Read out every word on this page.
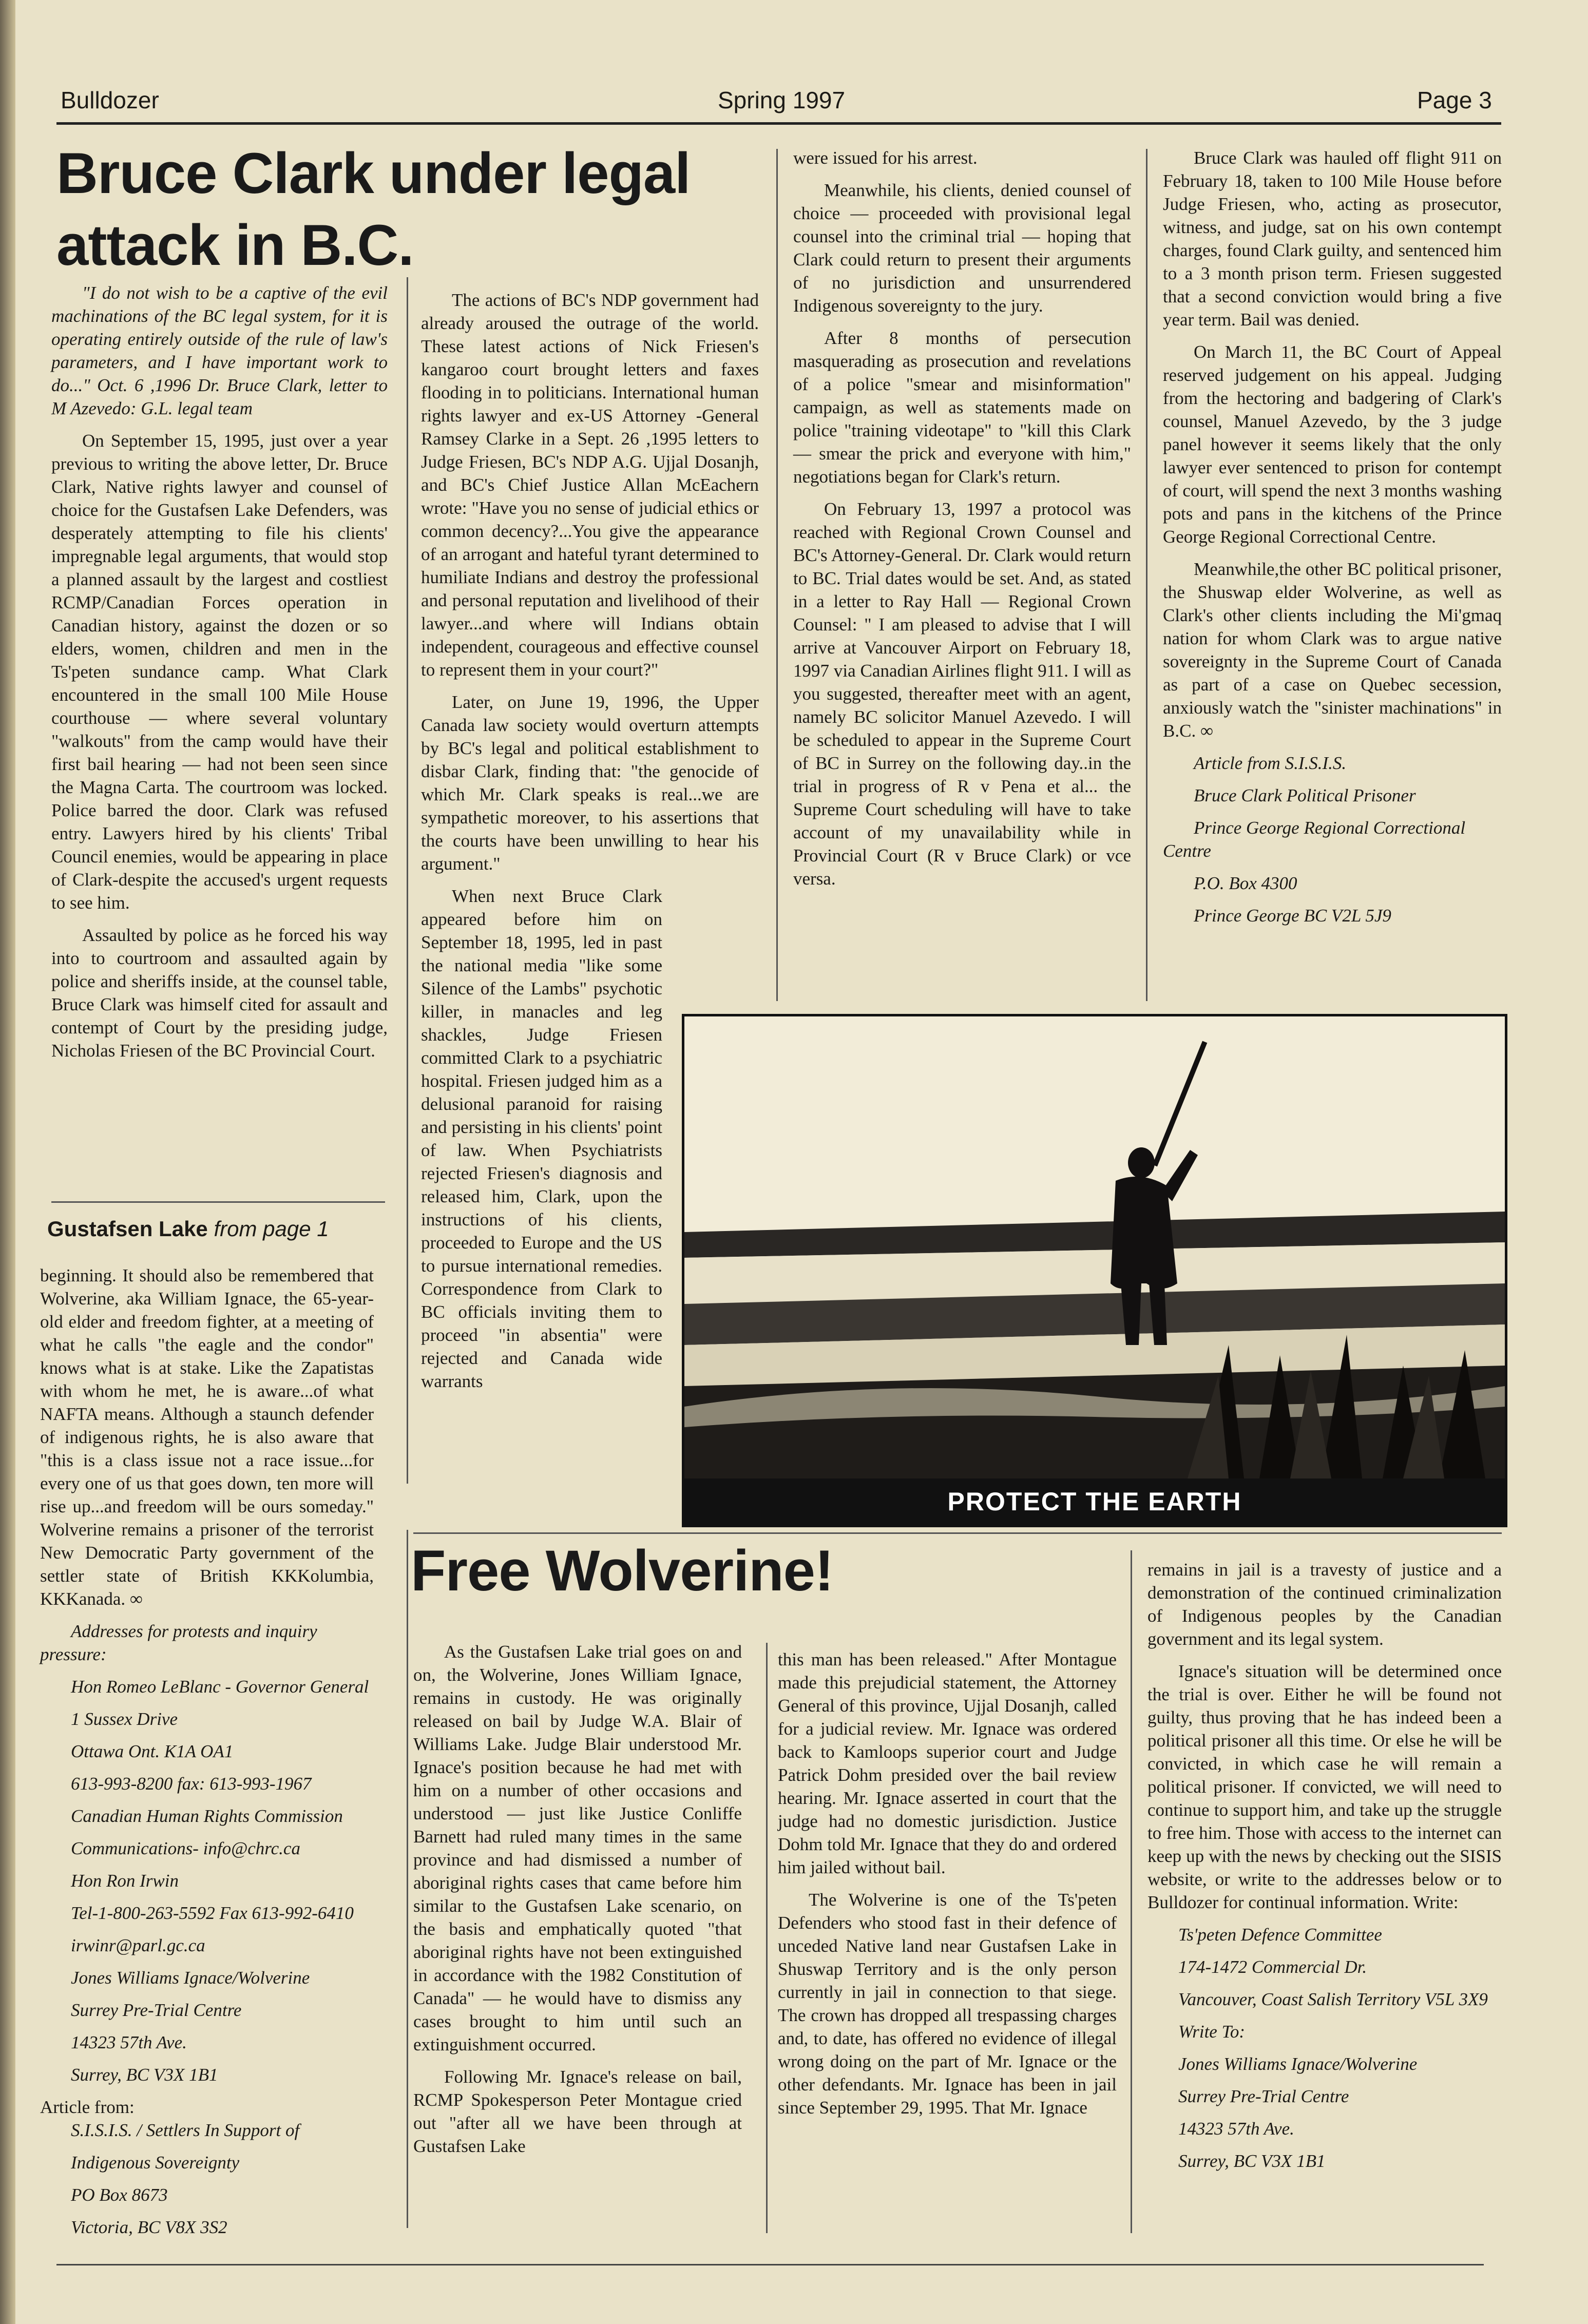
Bulldozer	Spring 1997	Page 3
Bruce Clark under legal
attack in B.C.

"I do not wish to be a captive of the evil machinations of the BC legal system, for it is operating entirely outside of the rule of law's parameters, and I have important work to do..." Oct. 6 ,1996 Dr. Bruce Clark, letter to M Azevedo: G.L. legal team

On September 15, 1995, just over a year previous to writing the above letter, Dr. Bruce Clark, Native rights lawyer and counsel of choice for the Gustafsen Lake Defenders, was desperately attempting to file his clients' impregnable legal arguments, that would stop a planned assault by the largest and costliest RCMP/Canadian Forces operation in Canadian history, against the dozen or so elders, women, children and men in the Ts'peten sundance camp. What Clark encountered in the small 100 Mile House courthouse — where several voluntary "walkouts" from the camp would have their first bail hearing — had not been seen since the Magna Carta. The courtroom was locked. Police barred the door. Clark was refused entry. Lawyers hired by his clients' Tribal Council enemies, would be appearing in place of Clark-despite the accused's urgent requests to see him.

Assaulted by police as he forced his way into to courtroom and assaulted again by police and sheriffs inside, at the counsel table, Bruce Clark was himself cited for assault and contempt of Court by the presiding judge, Nicholas Friesen of the BC Provincial Court.

The actions of BC's NDP government had already aroused the outrage of the world. These latest actions of Nick Friesen's kangaroo court brought letters and faxes flooding in to politicians. International human rights lawyer and ex-US Attorney -General Ramsey Clarke in a Sept. 26 ,1995 letters to Judge Friesen, BC's NDP A.G. Ujjal Dosanjh, and BC's Chief Justice Allan McEachern wrote: "Have you no sense of judicial ethics or common decency?...You give the appearance of an arrogant and hateful tyrant determined to humiliate Indians and destroy the professional and personal reputation and livelihood of their lawyer...and where will Indians obtain independent, courageous and effective counsel to represent them in your court?"

Later, on June 19, 1996, the Upper Canada law society would overturn attempts by BC's legal and political establishment to disbar Clark, finding that: "the genocide of which Mr. Clark speaks is real...we are sympathetic moreover, to his assertions that the courts have been unwilling to hear his argument."

When next Bruce Clark appeared before him on September 18, 1995, led in past the national media "like some Silence of the Lambs" psychotic killer, in manacles and leg shackles, Judge Friesen committed Clark to a psychiatric hospital. Friesen judged him as a delusional paranoid for raising and persisting in his clients' point of law. When Psychiatrists rejected Friesen's diagnosis and released him, Clark, upon the instructions of his clients, proceeded to Europe and the US to pursue international remedies. Correspondence from Clark to BC officials inviting them to proceed "in absentia" were rejected and Canada wide warrants

were issued for his arrest.

Meanwhile, his clients, denied counsel of choice — proceeded with provisional legal counsel into the criminal trial — hoping that Clark could return to present their arguments of no jurisdiction and unsurrendered Indigenous sovereignty to the jury.

After 8 months of persecution masquerading as prosecution and revelations of a police "smear and misinformation" campaign, as well as statements made on police "training videotape" to "kill this Clark — smear the prick and everyone with him," negotiations began for Clark's return.

On February 13, 1997 a protocol was reached with Regional Crown Counsel and BC's Attorney-General. Dr. Clark would return to BC. Trial dates would be set. And, as stated in a letter to Ray Hall — Regional Crown Counsel: " I am pleased to advise that I will arrive at Vancouver Airport on February 18, 1997 via Canadian Airlines flight 911. I will as you suggested, thereafter meet with an agent, namely BC solicitor Manuel Azevedo. I will be scheduled to appear in the Supreme Court of BC in Surrey on the following day..in the trial in progress of R v Pena et al... the Supreme Court scheduling will have to take account of my unavailability while in Provincial Court (R v Bruce Clark) or vce versa.

Bruce Clark was hauled off flight 911 on February 18, taken to 100 Mile House before Judge Friesen, who, acting as prosecutor, witness, and judge, sat on his own contempt charges, found Clark guilty, and sentenced him to a 3 month prison term. Friesen suggested that a second conviction would bring a five year term. Bail was denied.

On March 11, the BC Court of Appeal reserved judgement on his appeal. Judging from the hectoring and badgering of Clark's counsel, Manuel Azevedo, by the 3 judge panel however it seems likely that the only lawyer ever sentenced to prison for contempt of court, will spend the next 3 months washing pots and pans in the kitchens of the Prince George Regional Correctional Centre.

Meanwhile,the other BC political prisoner, the Shuswap elder Wolverine, as well as Clark's other clients including the Mi'gmaq nation for whom Clark was to argue native sovereignty in the Supreme Court of Canada as part of a case on Quebec secession, anxiously watch the "sinister machinations" in B.C. ∞

Article from S.I.S.I.S.

Bruce Clark Political Prisoner

Prince George Regional Correctional Centre

P.O. Box 4300

Prince George BC V2L 5J9

Gustafsen Lake from page 1

beginning. It should also be remembered that Wolverine, aka William Ignace, the 65-year-old elder and freedom fighter, at a meeting of what he calls "the eagle and the condor" knows what is at stake. Like the Zapatistas with whom he met, he is aware...of what NAFTA means. Although a staunch defender of indigenous rights, he is also aware that "this is a class issue not a race issue...for every one of us that goes down, ten more will rise up...and freedom will be ours someday." Wolverine remains a prisoner of the terrorist New Democratic Party government of the settler state of British KKKolumbia, KKKanada. ∞

Addresses for protests and inquiry pressure:

Hon Romeo LeBlanc - Governor General

1 Sussex Drive

Ottawa Ont. K1A OA1

613-993-8200 fax: 613-993-1967

Canadian Human Rights Commission

Communications- info@chrc.ca

Hon Ron Irwin

Tel-1-800-263-5592 Fax 613-992-6410

irwinr@parl.gc.ca

Jones Williams Ignace/Wolverine

Surrey Pre-Trial Centre

14323 57th Ave.

Surrey, BC V3X 1B1

Article from:

S.I.S.I.S. / Settlers In Support of

Indigenous Sovereignty

PO Box 8673

Victoria, BC V8X 3S2

PROTECT THE EARTH
Free Wolverine!

As the Gustafsen Lake trial goes on and on, the Wolverine, Jones William Ignace, remains in custody. He was originally released on bail by Judge W.A. Blair of Williams Lake. Judge Blair understood Mr. Ignace's position because he had met with him on a number of other occasions and understood — just like Justice Conliffe Barnett had ruled many times in the same province and had dismissed a number of aboriginal rights cases that came before him similar to the Gustafsen Lake scenario, on the basis and emphatically quoted "that aboriginal rights have not been extinguished in accordance with the 1982 Constitution of Canada" — he would have to dismiss any cases brought to him until such an extinguishment occurred.

Following Mr. Ignace's release on bail, RCMP Spokesperson Peter Montague cried out "after all we have been through at Gustafsen Lake

this man has been released." After Montague made this prejudicial statement, the Attorney General of this province, Ujjal Dosanjh, called for a judicial review. Mr. Ignace was ordered back to Kamloops superior court and Judge Patrick Dohm presided over the bail review hearing. Mr. Ignace asserted in court that the judge had no domestic jurisdiction. Justice Dohm told Mr. Ignace that they do and ordered him jailed without bail.

The Wolverine is one of the Ts'peten Defenders who stood fast in their defence of unceded Native land near Gustafsen Lake in Shuswap Territory and is the only person currently in jail in connection to that siege. The crown has dropped all trespassing charges and, to date, has offered no evidence of illegal wrong doing on the part of Mr. Ignace or the other defendants. Mr. Ignace has been in jail since September 29, 1995. That Mr. Ignace

remains in jail is a travesty of justice and a demonstration of the continued criminalization of Indigenous peoples by the Canadian government and its legal system.

Ignace's situation will be determined once the trial is over. Either he will be found not guilty, thus proving that he has indeed been a political prisoner all this time. Or else he will be convicted, in which case he will remain a political prisoner. If convicted, we will need to continue to support him, and take up the struggle to free him. Those with access to the internet can keep up with the news by checking out the SISIS website, or write to the addresses below or to Bulldozer for continual information. Write:

Ts'peten Defence Committee

174-1472 Commercial Dr.

Vancouver, Coast Salish Territory V5L 3X9

Write To:

Jones Williams Ignace/Wolverine

Surrey Pre-Trial Centre

14323 57th Ave.

Surrey, BC V3X 1B1
